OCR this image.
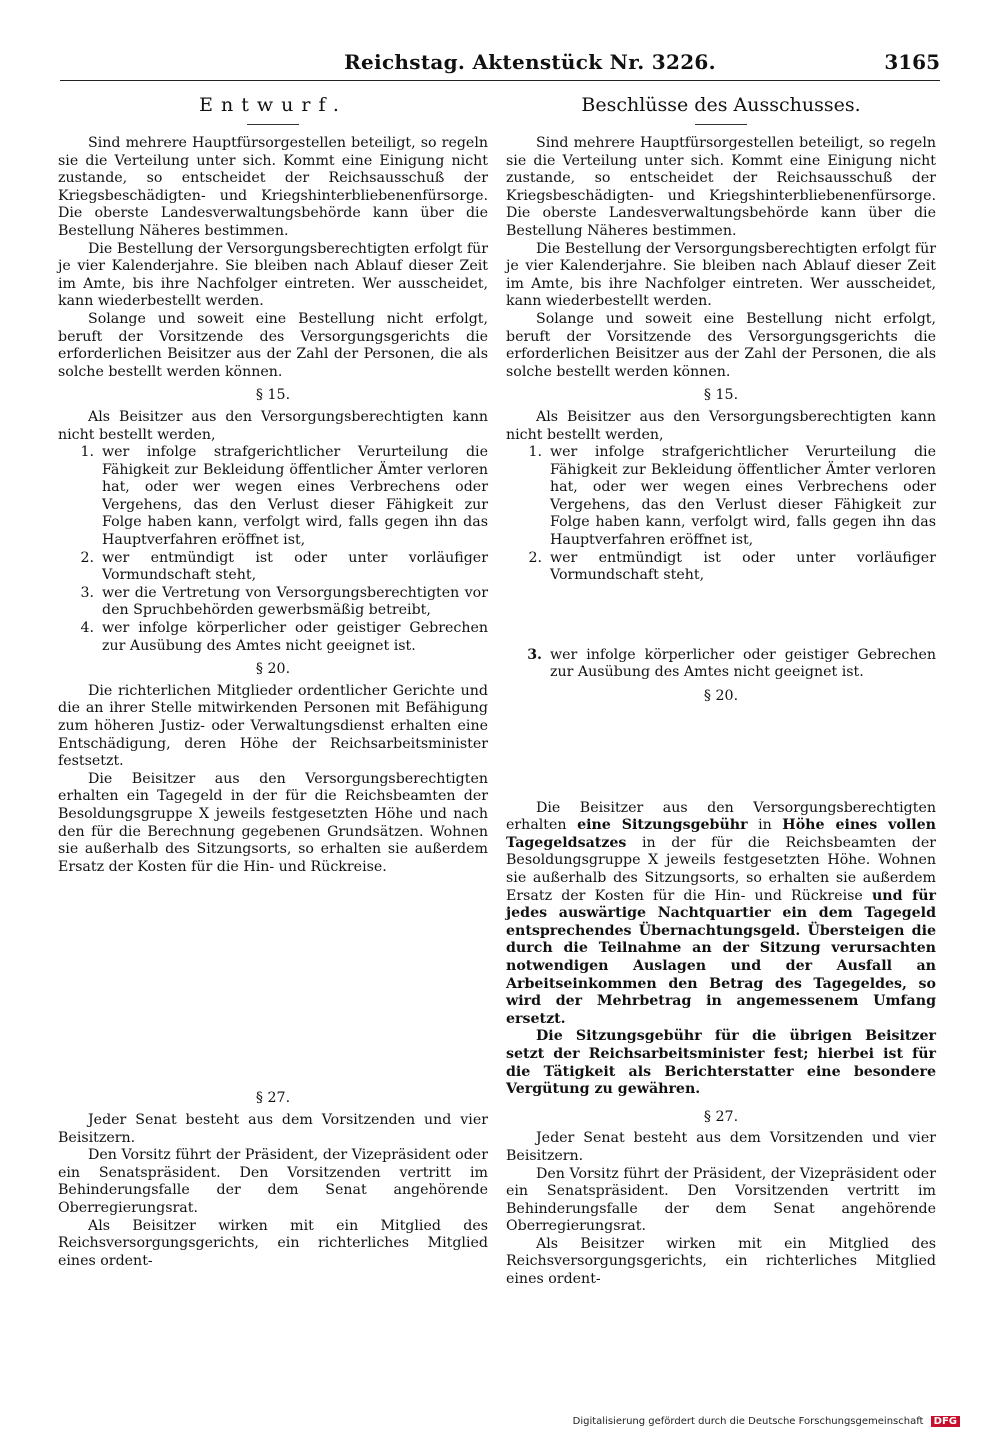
Reichstag. Aktenstück Nr. 3226.	3165
Entwurf.

Sind mehrere Hauptfürsorgestellen beteiligt, so regeln sie die Verteilung unter sich. Kommt eine Einigung nicht zustande, so entscheidet der Reichsausschuß der Kriegsbeschädigten- und Kriegshinterbliebenenfürsorge. Die oberste Landesverwaltungsbehörde kann über die Bestellung Näheres bestimmen.

Die Bestellung der Versorgungsberechtigten erfolgt für je vier Kalenderjahre. Sie bleiben nach Ablauf dieser Zeit im Amte, bis ihre Nachfolger eintreten. Wer ausscheidet, kann wiederbestellt werden.

Solange und soweit eine Bestellung nicht erfolgt, beruft der Vorsitzende des Versorgungsgerichts die erforderlichen Beisitzer aus der Zahl der Personen, die als solche bestellt werden können.

§ 15.

Als Beisitzer aus den Versorgungsberechtigten kann nicht bestellt werden,

1. wer infolge strafgerichtlicher Verurteilung die Fähigkeit zur Bekleidung öffentlicher Ämter verloren hat, oder wer wegen eines Verbrechens oder Vergehens, das den Verlust dieser Fähigkeit zur Folge haben kann, verfolgt wird, falls gegen ihn das Hauptverfahren eröffnet ist,
2. wer entmündigt ist oder unter vorläufiger Vormundschaft steht,
3. wer die Vertretung von Versorgungsberechtigten vor den Spruchbehörden gewerbsmäßig betreibt,
4. wer infolge körperlicher oder geistiger Gebrechen zur Ausübung des Amtes nicht geeignet ist.
§ 20.

Die richterlichen Mitglieder ordentlicher Gerichte und die an ihrer Stelle mitwirkenden Personen mit Befähigung zum höheren Justiz- oder Verwaltungsdienst erhalten eine Entschädigung, deren Höhe der Reichsarbeitsminister festsetzt.

Die Beisitzer aus den Versorgungsberechtigten erhalten ein Tagegeld in der für die Reichsbeamten der Besoldungsgruppe X jeweils festgesetzten Höhe und nach den für die Berechnung gegebenen Grundsätzen. Wohnen sie außerhalb des Sitzungsorts, so erhalten sie außerdem Ersatz der Kosten für die Hin- und Rückreise.

§ 27.

Jeder Senat besteht aus dem Vorsitzenden und vier Beisitzern.

Den Vorsitz führt der Präsident, der Vizepräsident oder ein Senatspräsident. Den Vorsitzenden vertritt im Behinderungsfalle der dem Senat angehörende Oberregierungsrat.

Als Beisitzer wirken mit ein Mitglied des Reichsversorgungsgerichts, ein richterliches Mitglied eines ordent-

Beschlüsse des Ausschusses.

Sind mehrere Hauptfürsorgestellen beteiligt, so regeln sie die Verteilung unter sich. Kommt eine Einigung nicht zustande, so entscheidet der Reichsausschuß der Kriegsbeschädigten- und Kriegshinterbliebenenfürsorge. Die oberste Landesverwaltungsbehörde kann über die Bestellung Näheres bestimmen.

Die Bestellung der Versorgungsberechtigten erfolgt für je vier Kalenderjahre. Sie bleiben nach Ablauf dieser Zeit im Amte, bis ihre Nachfolger eintreten. Wer ausscheidet, kann wiederbestellt werden.

Solange und soweit eine Bestellung nicht erfolgt, beruft der Vorsitzende des Versorgungsgerichts die erforderlichen Beisitzer aus der Zahl der Personen, die als solche bestellt werden können.

§ 15.

Als Beisitzer aus den Versorgungsberechtigten kann nicht bestellt werden,

1. wer infolge strafgerichtlicher Verurteilung die Fähigkeit zur Bekleidung öffentlicher Ämter verloren hat, oder wer wegen eines Verbrechens oder Vergehens, das den Verlust dieser Fähigkeit zur Folge haben kann, verfolgt wird, falls gegen ihn das Hauptverfahren eröffnet ist,
2. wer entmündigt ist oder unter vorläufiger Vormundschaft steht,
3. wer infolge körperlicher oder geistiger Gebrechen zur Ausübung des Amtes nicht geeignet ist.
§ 20.

Die Beisitzer aus den Versorgungsberechtigten erhalten eine Sitzungsgebühr in Höhe eines vollen Tagegeldsatzes in der für die Reichsbeamten der Besoldungsgruppe X jeweils festgesetzten Höhe. Wohnen sie außerhalb des Sitzungsorts, so erhalten sie außerdem Ersatz der Kosten für die Hin- und Rückreise und für jedes auswärtige Nachtquartier ein dem Tagegeld entsprechendes Übernachtungsgeld. Übersteigen die durch die Teilnahme an der Sitzung verursachten notwendigen Auslagen und der Ausfall an Arbeitseinkommen den Betrag des Tagegeldes, so wird der Mehrbetrag in angemessenem Umfang ersetzt.

Die Sitzungsgebühr für die übrigen Beisitzer setzt der Reichsarbeitsminister fest; hierbei ist für die Tätigkeit als Berichterstatter eine besondere Vergütung zu gewähren.

§ 27.

Jeder Senat besteht aus dem Vorsitzenden und vier Beisitzern.

Den Vorsitz führt der Präsident, der Vizepräsident oder ein Senatspräsident. Den Vorsitzenden vertritt im Behinderungsfalle der dem Senat angehörende Oberregierungsrat.

Als Beisitzer wirken mit ein Mitglied des Reichsversorgungsgerichts, ein richterliches Mitglied eines ordent-

Digitalisierung gefördert durch die Deutsche Forschungsgemeinschaft DFG
